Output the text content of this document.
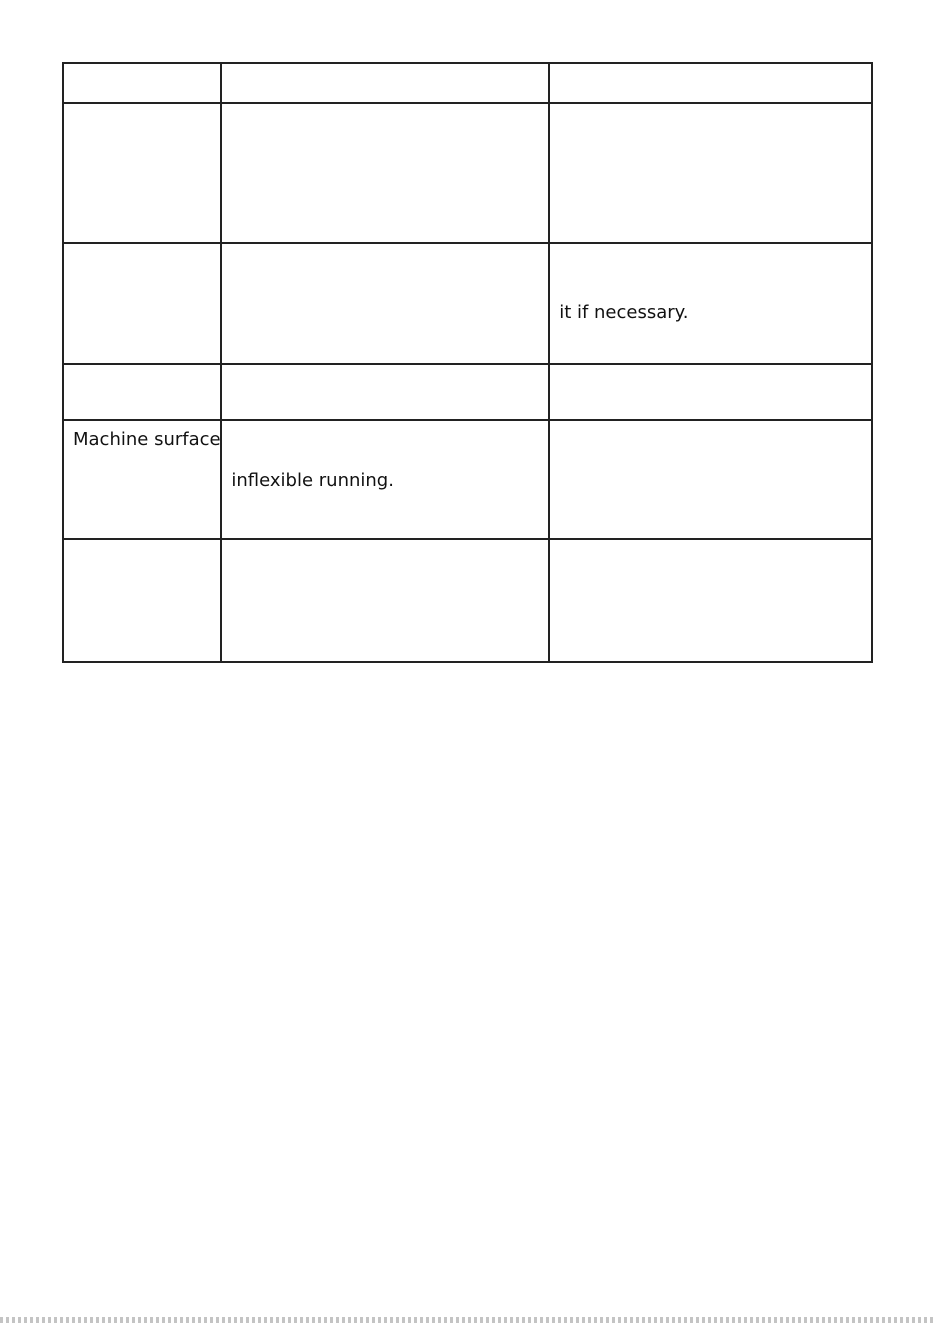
		it if necessary.

Machine surface	inflexible running.	
